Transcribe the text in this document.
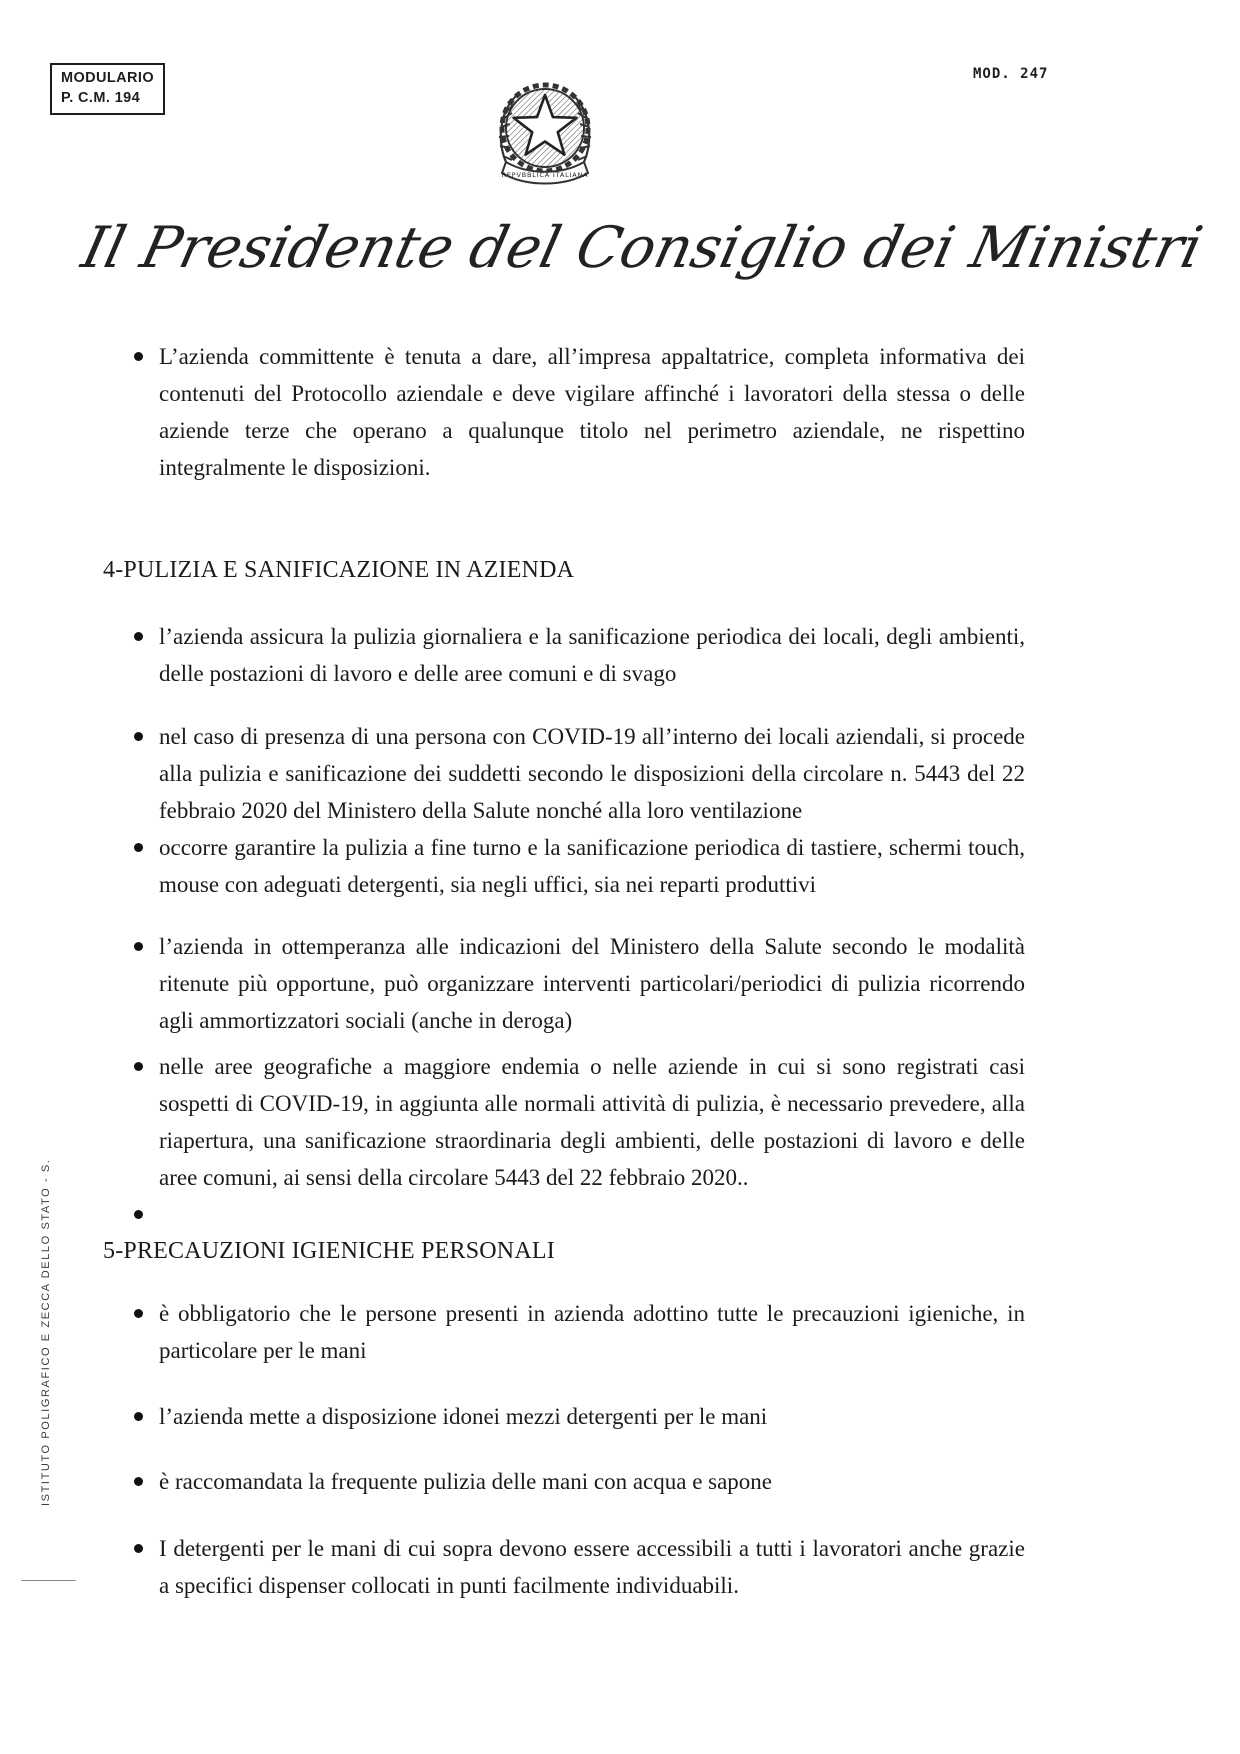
MODULARIO
P. C.M. 194
MOD. 247
REPVBBLICA ITALIANA
Il Presidente del Consiglio dei Ministri
L’azienda committente è tenuta a dare, all’impresa appaltatrice, completa informativa dei contenuti del Protocollo aziendale e deve vigilare affinché i lavoratori della stessa o delle aziende terze che operano a qualunque titolo nel perimetro aziendale, ne rispettino integralmente le disposizioni.
4-PULIZIA E SANIFICAZIONE IN AZIENDA
l’azienda assicura la pulizia giornaliera e la sanificazione periodica dei locali, degli ambienti, delle postazioni di lavoro e delle aree comuni e di svago
nel caso di presenza di una persona con COVID-19 all’interno dei locali aziendali, si procede alla pulizia e sanificazione dei suddetti secondo le disposizioni della circolare n. 5443 del 22 febbraio 2020 del Ministero della Salute nonché alla loro ventilazione
occorre garantire la pulizia a fine turno e la sanificazione periodica di tastiere, schermi touch, mouse con adeguati detergenti, sia negli uffici, sia nei reparti produttivi
l’azienda in ottemperanza alle indicazioni del Ministero della Salute secondo le modalità ritenute più opportune, può organizzare interventi particolari/periodici di pulizia ricorrendo agli ammortizzatori sociali (anche in deroga)
nelle aree geografiche a maggiore endemia o nelle aziende in cui si sono registrati casi sospetti di COVID-19, in aggiunta alle normali attività di pulizia, è necessario prevedere, alla riapertura, una sanificazione straordinaria degli ambienti, delle postazioni di lavoro e delle aree comuni, ai sensi della circolare 5443 del 22 febbraio 2020..
5-PRECAUZIONI IGIENICHE PERSONALI
è obbligatorio che le persone presenti in azienda adottino tutte le precauzioni igieniche, in particolare per le mani
l’azienda mette a disposizione idonei mezzi detergenti per le mani
è raccomandata la frequente pulizia delle mani con acqua e sapone
I detergenti per le mani di cui sopra devono essere accessibili a tutti i lavoratori anche grazie a specifici dispenser collocati in punti facilmente individuabili.
ISTITUTO POLIGRAFICO E ZECCA DELLO STATO - S.
